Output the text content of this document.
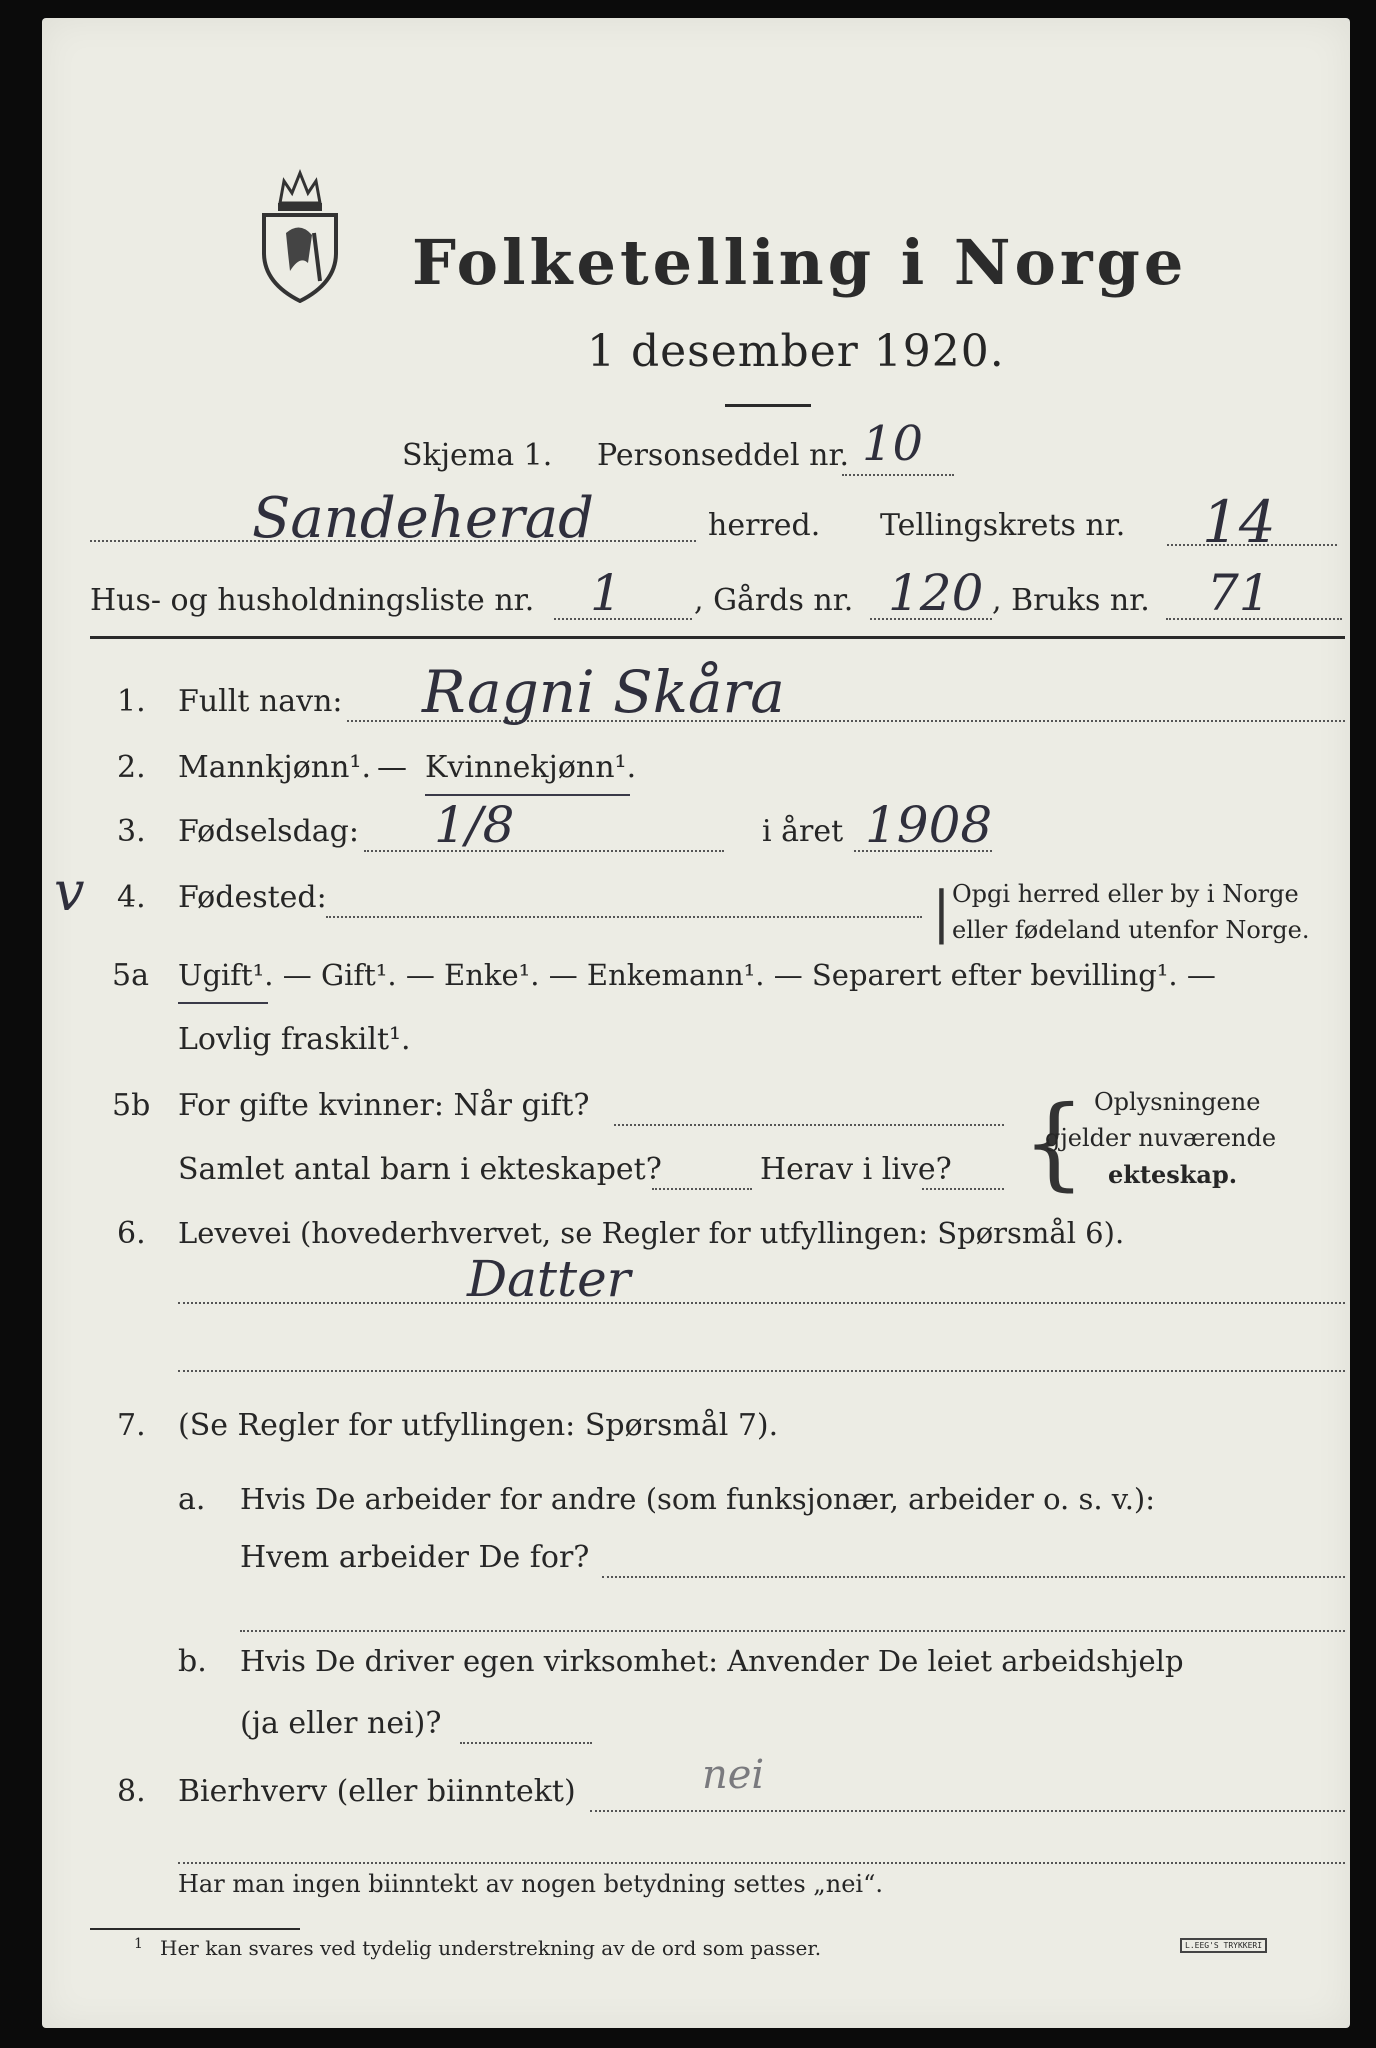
Folketelling i Norge
1 desember 1920.
Skjema 1. Personseddel nr. 10
Sandeherad	herred. Tellingskrets nr. 14
Hus- og husholdningsliste nr. 1 , Gårds nr. 120 , Bruks nr. 71
1. Fullt navn: Ragni Skåra
2. Mannkjønn¹. — Kvinnekjønn¹.
3. Fødselsdag: 1/8	i året 1908
v 4. Fødested:	| Opgi herred eller by i Norge
eller fødeland utenfor Norge.
5a Ugift¹. — Gift¹. — Enke¹. — Enkemann¹. — Separert efter bevilling¹. —
Lovlig fraskilt¹.
5b For gifte kvinner: Når gift?
Samlet antal barn i ekteskapet?	Herav i live? { Oplysningene
gjelder nuværende
ekteskap.
6. Levevei (hovederhvervet, se Regler for utfyllingen: Spørsmål 6).
Datter
7. (Se Regler for utfyllingen: Spørsmål 7).
a. Hvis De arbeider for andre (som funksjonær, arbeider o. s. v.):
Hvem arbeider De for?
b. Hvis De driver egen virksomhet: Anvender De leiet arbeidshjelp
(ja eller nei)?
8. Bierhverv (eller biinntekt)	nei
Har man ingen biinntekt av nogen betydning settes „nei“.
1 Her kan svares ved tydelig understrekning av de ord som passer.	L.EEG'S TRYKKERI
